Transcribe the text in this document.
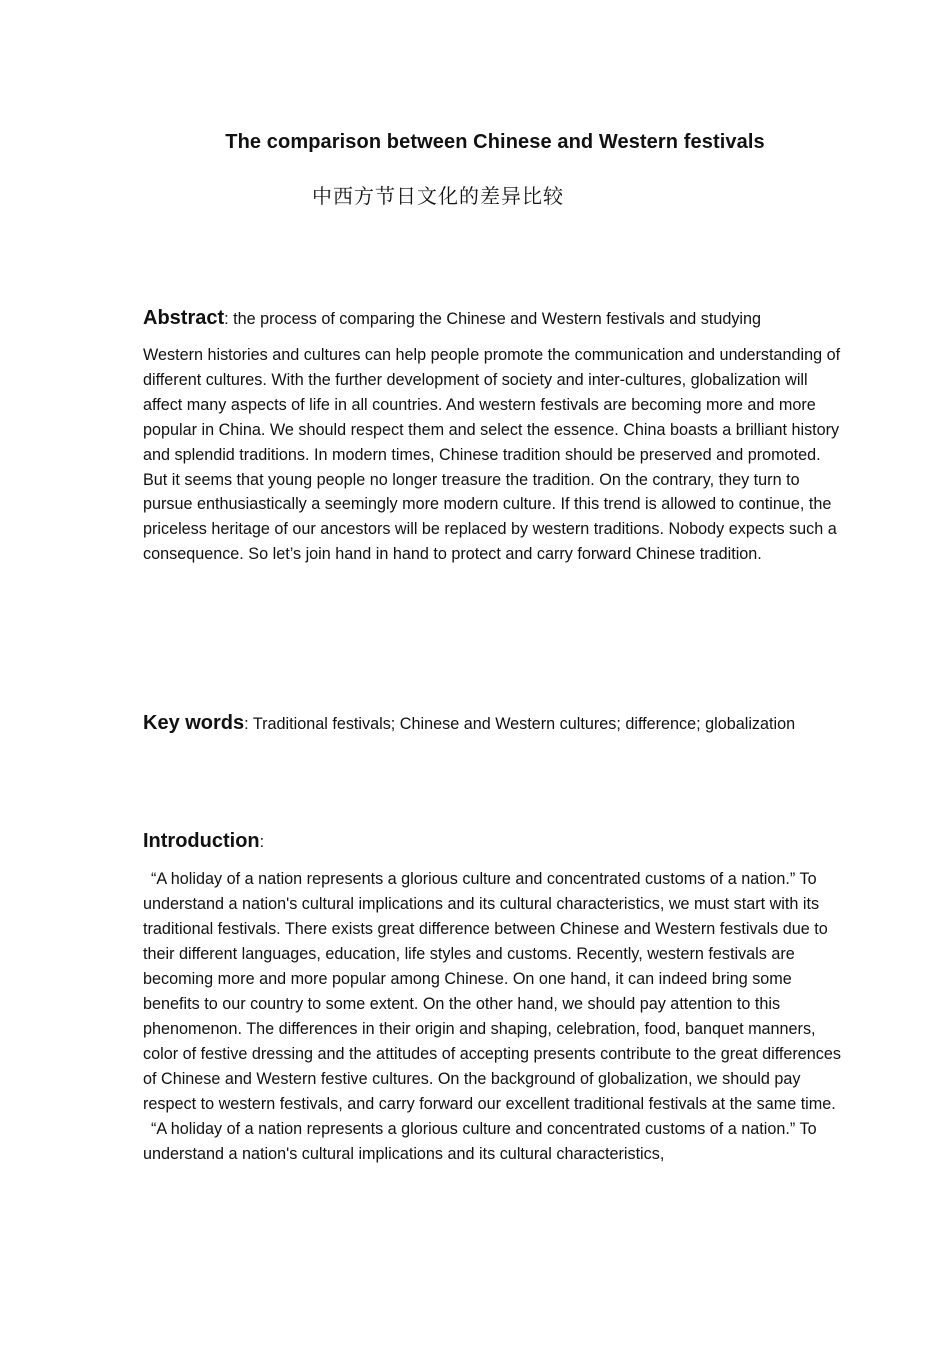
The comparison between Chinese and Western festivals
中西方节日文化的差异比较
Abstract: the process of comparing the Chinese and Western festivals and studying

Western histories and cultures can help people promote the communication and understanding of different cultures. With the further development of society and inter-cultures, globalization will affect many aspects of life in all countries. And western festivals are becoming more and more popular in China. We should respect them and select the essence. China boasts a brilliant history and splendid traditions. In modern times, Chinese tradition should be preserved and promoted. But it seems that young people no longer treasure the tradition. On the contrary, they turn to pursue enthusiastically a seemingly more modern culture. If this trend is allowed to continue, the priceless heritage of our ancestors will be replaced by western traditions. Nobody expects such a consequence. So let’s join hand in hand to protect and carry forward Chinese tradition.

Key words: Traditional festivals; Chinese and Western cultures; difference; globalization
Introduction:

“A holiday of a nation represents a glorious culture and concentrated customs of a nation.” To understand a nation's cultural implications and its cultural characteristics, we must start with its traditional festivals. There exists great difference between Chinese and Western festivals due to their different languages, education, life styles and customs. Recently, western festivals are becoming more and more popular among Chinese. On one hand, it can indeed bring some benefits to our country to some extent. On the other hand, we should pay attention to this phenomenon. The differences in their origin and shaping, celebration, food, banquet manners, color of festive dressing and the attitudes of accepting presents contribute to the great differences of Chinese and Western festive cultures. On the background of globalization, we should pay respect to western festivals, and carry forward our excellent traditional festivals at the same time.

“A holiday of a nation represents a glorious culture and concentrated customs of a nation.” To understand a nation's cultural implications and its cultural characteristics,
